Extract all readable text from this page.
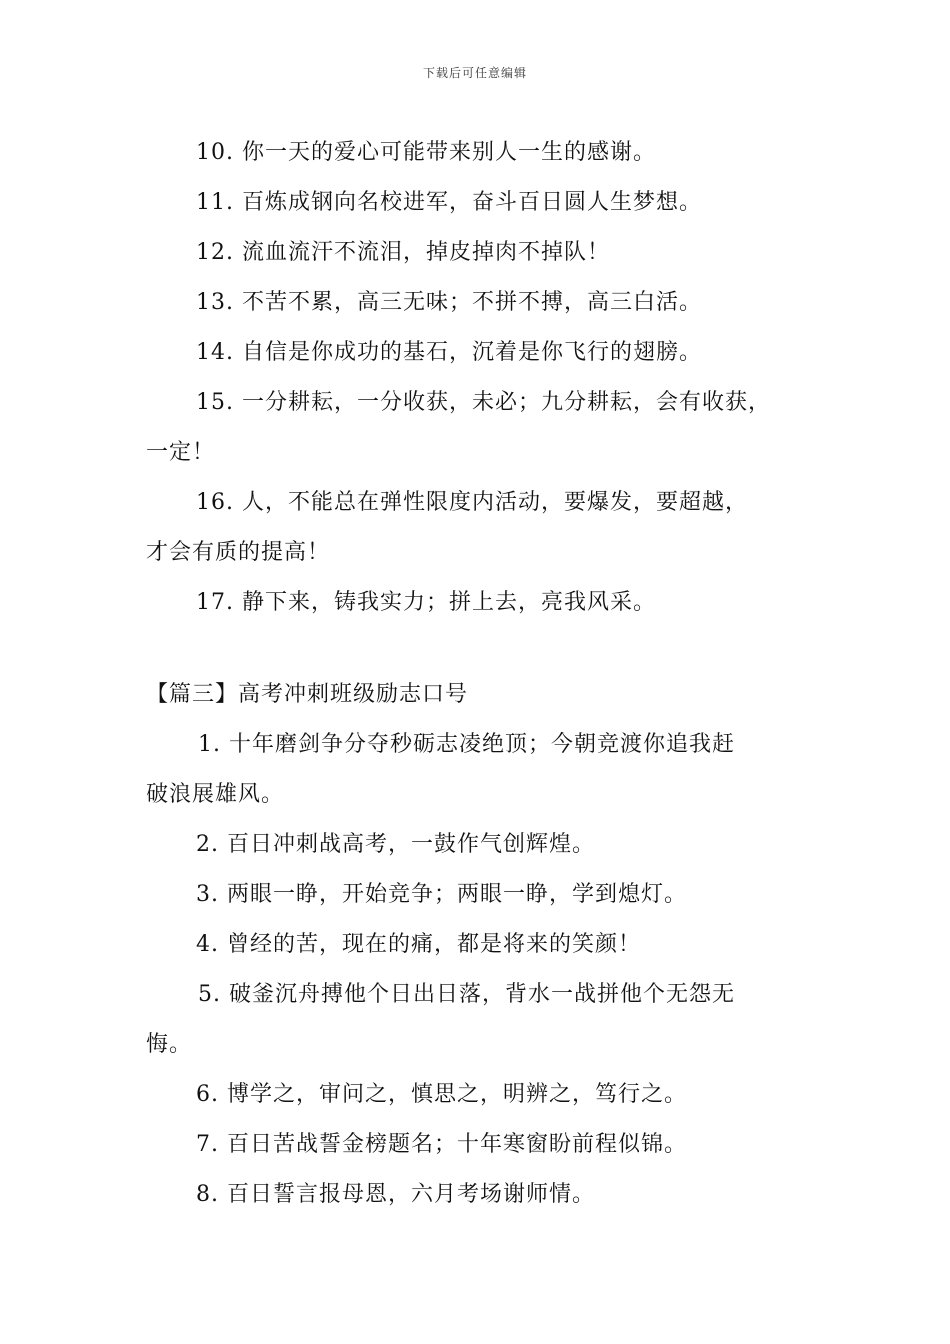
下载后可任意编辑
10. 你一天的爱心可能带来别人一生的感谢。
11. 百炼成钢向名校进军，奋斗百日圆人生梦想。
12. 流血流汗不流泪，掉皮掉肉不掉队！
13. 不苦不累，高三无味；不拼不搏，高三白活。
14. 自信是你成功的基石，沉着是你飞行的翅膀。
15. 一分耕耘，一分收获，未必；九分耕耘，会有收获，
一定！
16. 人，不能总在弹性限度内活动，要爆发，要超越，
才会有质的提高！
17. 静下来，铸我实力；拼上去，亮我风采。
【篇三】高考冲刺班级励志口号
1. 十年磨剑争分夺秒砺志凌绝顶；今朝竞渡你追我赶
破浪展雄风。
2. 百日冲刺战高考，一鼓作气创辉煌。
3. 两眼一睁，开始竞争；两眼一睁，学到熄灯。
4. 曾经的苦，现在的痛，都是将来的笑颜！
5. 破釜沉舟搏他个日出日落，背水一战拼他个无怨无
悔。
6. 博学之，审问之，慎思之，明辨之，笃行之。
7. 百日苦战誓金榜题名；十年寒窗盼前程似锦。
8. 百日誓言报母恩，六月考场谢师情。
